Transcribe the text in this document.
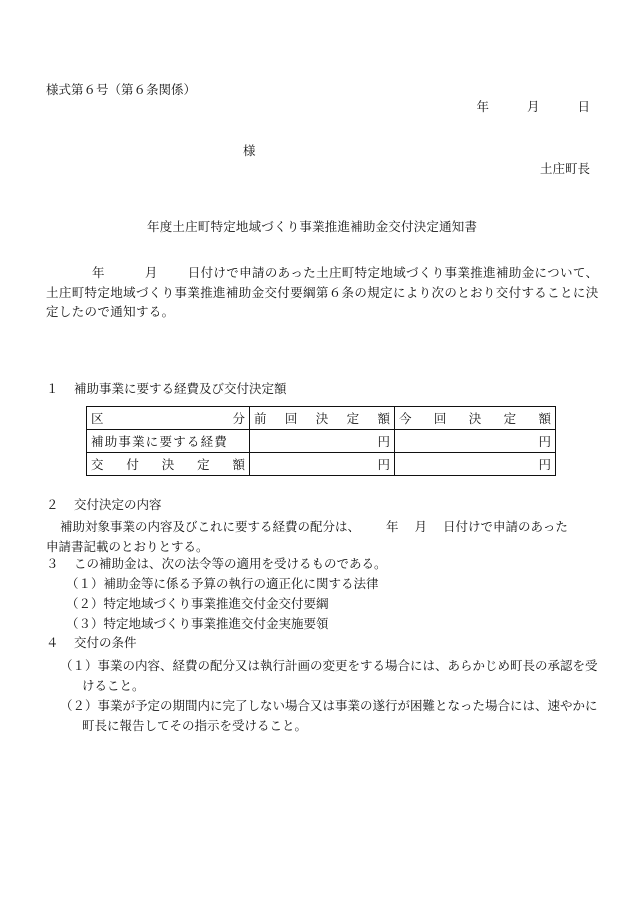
様式第６号（第６条関係）
年	月	日
様
土庄町長
年度土庄町特定地域づくり事業推進補助金交付決定通知書
年	月 日付けで申請のあった土庄町特定地域づくり事業推進補助金について、土庄町特定地域づくり事業推進補助金交付要綱第６条の規定により次のとおり交付することに決定したので通知する。
１ 補助事業に要する経費及び交付決定額
区 分	前 回 決 定 額	今 回 決 定 額

補助事業に要する経費	円	円

交 付 決 定 額	円	円
２ 交付決定の内容
補助対象事業の内容及びこれに要する経費の配分は、 年 月 日付けで申請のあった
申請書記載のとおりとする。
３ この補助金は、次の法令等の適用を受けるものである。
（１）補助金等に係る予算の執行の適正化に関する法律
（２）特定地域づくり事業推進交付金交付要綱
（３）特定地域づくり事業推進交付金実施要領
４ 交付の条件
（１）事業の内容、経費の配分又は執行計画の変更をする場合には、あらかじめ町長の承認を受けること。
（２）事業が予定の期間内に完了しない場合又は事業の遂行が困難となった場合には、速やかに町長に報告してその指示を受けること。
